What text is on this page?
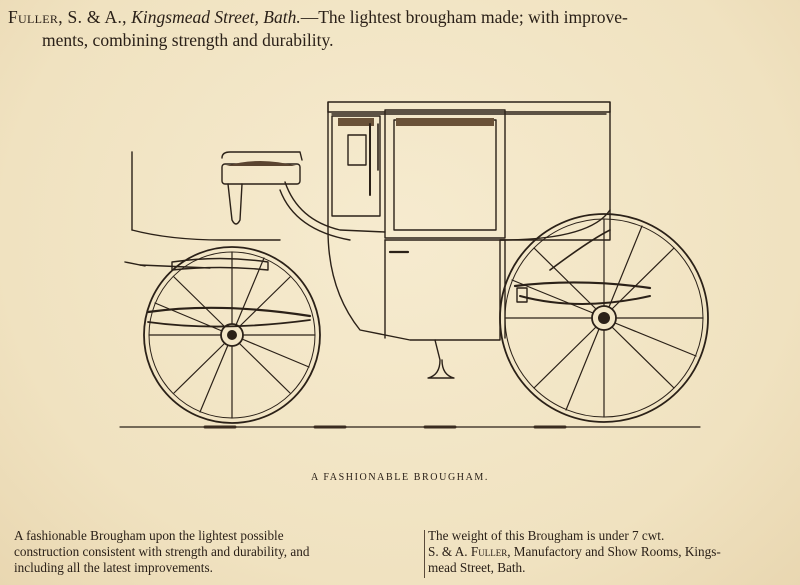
Fuller, S. & A., Kingsmead Street, Bath.—The lightest brougham made; with improve-
ments, combining strength and durability.
A FASHIONABLE BROUGHAM.
A fashionable Brougham upon the lightest possible
construction consistent with strength and durability, and
including all the latest improvements.
The weight of this Brougham is under 7 cwt.
S. & A. Fuller, Manufactory and Show Rooms, Kings-
mead Street, Bath.
